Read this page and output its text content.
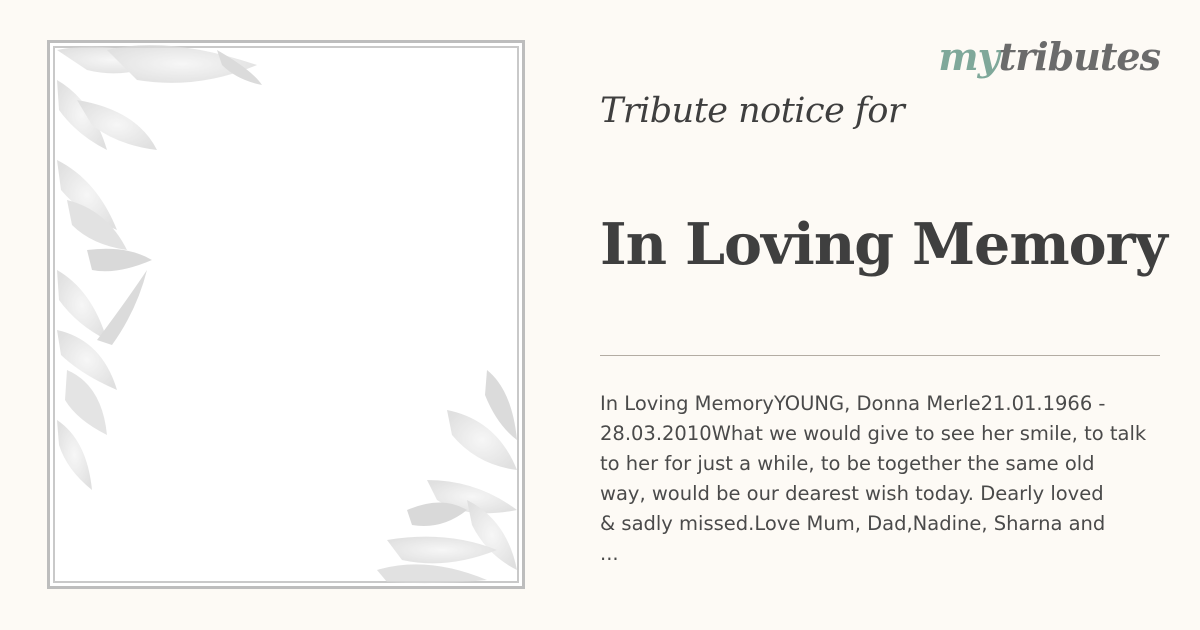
mytributes
Tribute notice for
In Loving Memory
In Loving MemoryYOUNG, Donna Merle21.01.1966 -
28.03.2010What we would give to see her smile, to talk
to her for just a while, to be together the same old
way, would be our dearest wish today. Dearly loved
& sadly missed.Love Mum, Dad,Nadine, Sharna and
...
